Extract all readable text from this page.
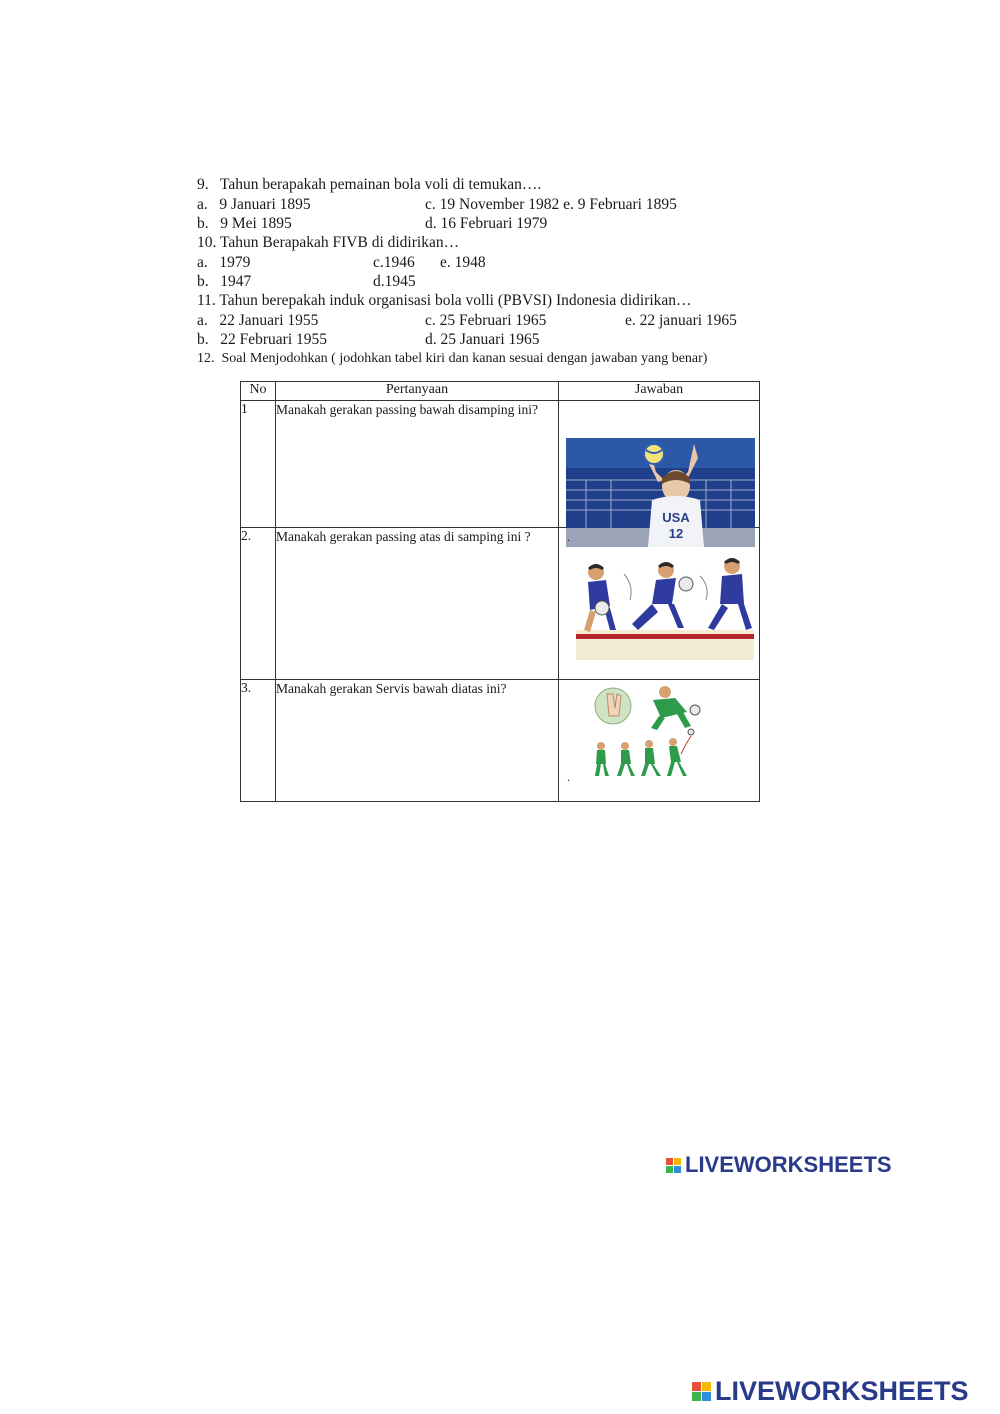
9.   Tahun berapakah pemainan bola voli di temukan….
a.   9 Januari 1895	c. 19 November 1982 e. 9 Februari 1895
b.   9 Mei 1895	d. 16 Februari 1979
10. Tahun Berapakah FIVB di didirikan…
a.   1979	c.1946 e. 1948
b.   1947	d.1945
11. Tahun berepakah induk organisasi bola volli (PBVSI) Indonesia didirikan…
a.   22 Januari 1955	c. 25 Februari 1965	e. 22 januari 1965
b.   22 Februari 1955	d. 25 Januari 1965
12.  Soal Menjodohkan ( jodohkan tabel kiri dan kanan sesuai dengan jawaban yang benar)
No	Pertanyaan	Jawaban
1	Manakah gerakan passing bawah disamping ini?	USA
12

2.	Manakah gerakan passing atas di samping ini ?	.

3.	Manakah gerakan Servis bawah diatas ini?	.
LIVEWORKSHEETS
LIVEWORKSHEETS
